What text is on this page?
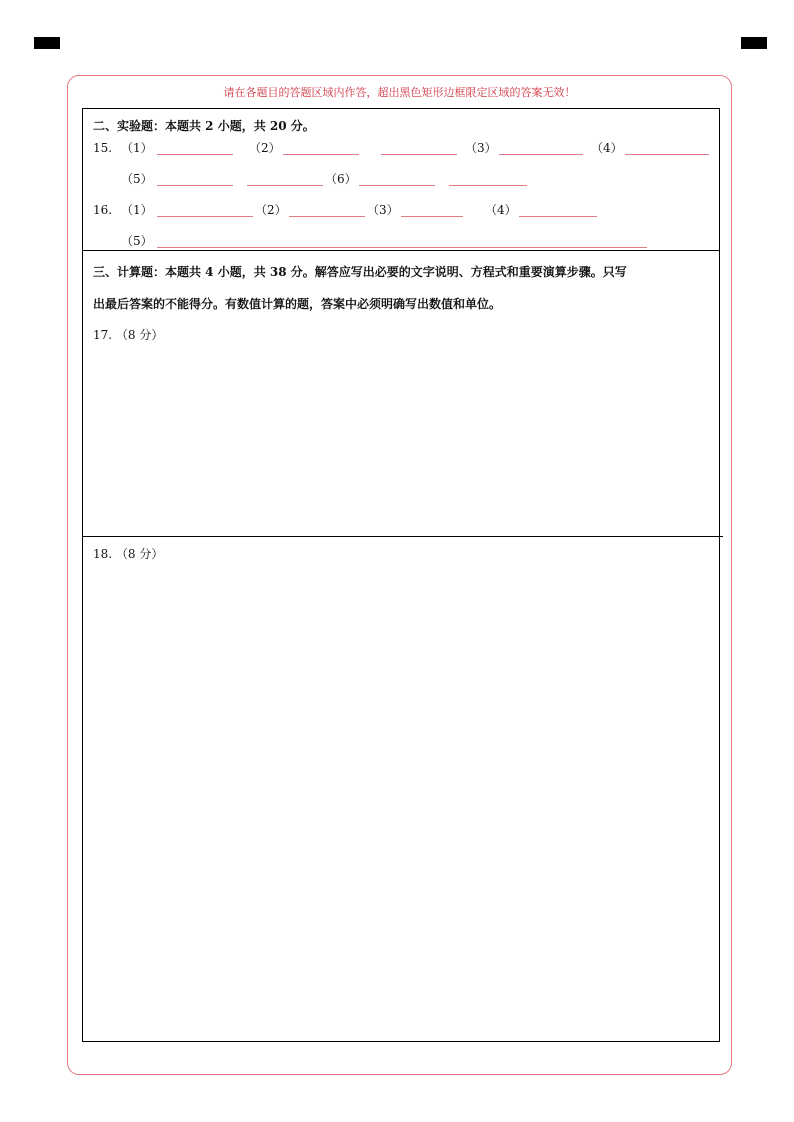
请在各题目的答题区域内作答，超出黑色矩形边框限定区域的答案无效！
二、实验题：本题共 2 小题，共 20 分。
15. （1）	（2）	（3）	（4）
（5）	（6）
16. （1）	（2）	（3）	（4）
（5）
三、计算题：本题共 4 小题，共 38 分。解答应写出必要的文字说明、方程式和重要演算步骤。只写
出最后答案的不能得分。有数值计算的题，答案中必须明确写出数值和单位。
17. （8 分）
18. （8 分）
